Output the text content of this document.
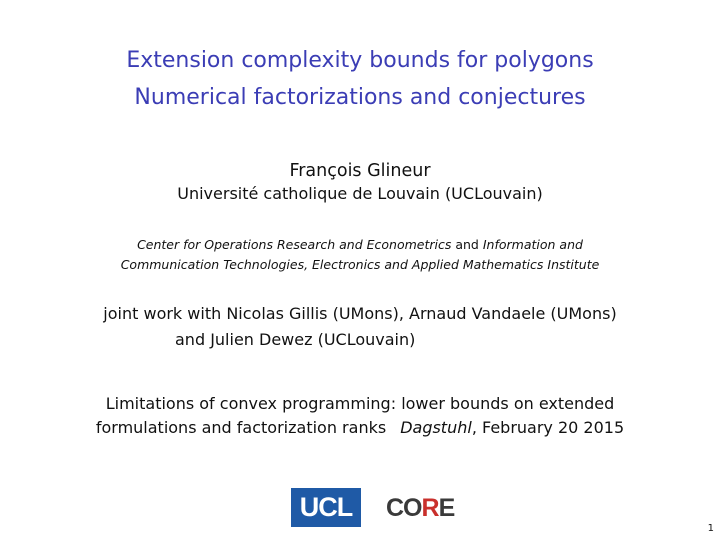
Extension complexity bounds for polygons
Numerical factorizations and conjectures
François Glineur
Université catholique de Louvain (UCLouvain)
Center for Operations Research and Econometrics and Information and
Communication Technologies, Electronics and Applied Mathematics Institute
joint work with Nicolas Gillis (UMons), Arnaud Vandaele (UMons)
and Julien Dewez (UCLouvain)
Limitations of convex programming: lower bounds on extended
formulations and factorization ranks Dagstuhl, February 20 2015
UCL	CORE
1
